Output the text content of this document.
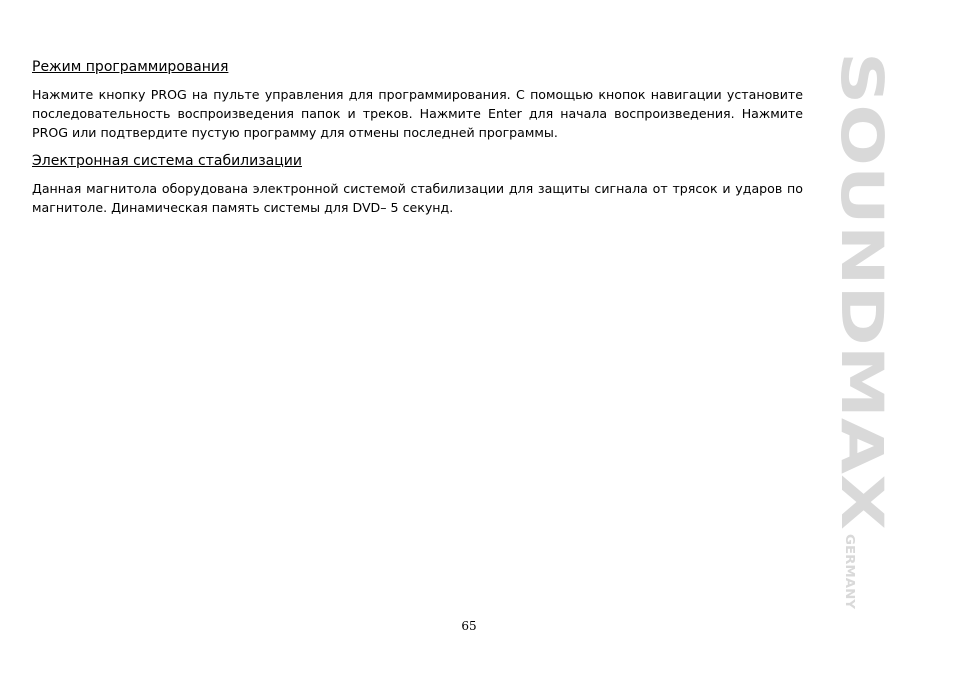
Режим программирования

Нажмите кнопку PROG на пульте управления для программирования. С помощью кнопок навигации установите последовательность воспроизведения папок и треков. Нажмите Enter для начала воспроизведения. Нажмите PROG или подтвердите пустую программу для отмены последней программы.

Электронная система стабилизации

Данная магнитола оборудована электронной системой стабилизации для защиты сигнала от трясок и ударов по магнитоле. Динамическая память системы для DVD– 5 секунд.

65
SOUNDMAX
GERMANY
